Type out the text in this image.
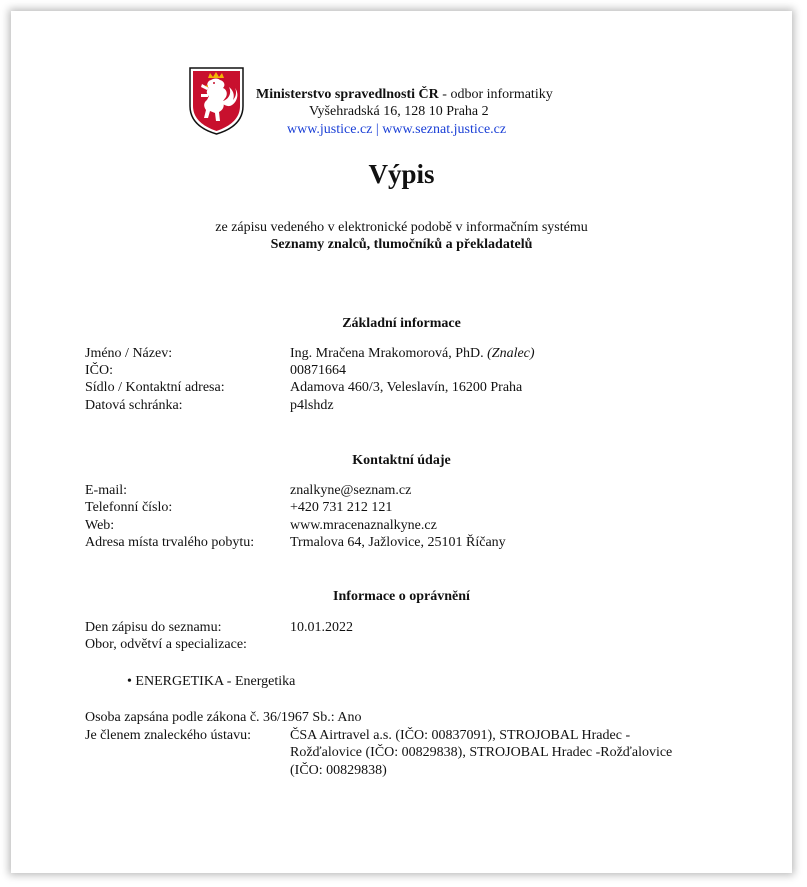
Ministerstvo spravedlnosti ČR - odbor informatiky
Vyšehradská 16, 128 10 Praha 2
www.justice.cz | www.seznat.justice.cz
Výpis
ze zápisu vedeného v elektronické podobě v informačním systému
Seznamy znalců, tlumočníků a překladatelů
Základní informace
Jméno / Název:	Ing. Mračena Mrakomorová, PhD. (Znalec)
IČO:	00871664
Sídlo / Kontaktní adresa:	Adamova 460/3, Veleslavín, 16200 Praha
Datová schránka:	p4lshdz
Kontaktní údaje
E-mail:	znalkyne@seznam.cz
Telefonní číslo:	+420 731 212 121
Web:	www.mracenaznalkyne.cz
Adresa místa trvalého pobytu:	Trmalova 64, Jažlovice, 25101 Říčany
Informace o oprávnění
Den zápisu do seznamu:	10.01.2022
Obor, odvětví a specializace:
• ENERGETIKA - Energetika
Osoba zapsána podle zákona č. 36/1967 Sb.: Ano
Je členem znaleckého ústavu:	ČSA Airtravel a.s. (IČO: 00837091), STROJOBAL Hradec -
Rožďalovice (IČO: 00829838), STROJOBAL Hradec -Rožďalovice
(IČO: 00829838)
